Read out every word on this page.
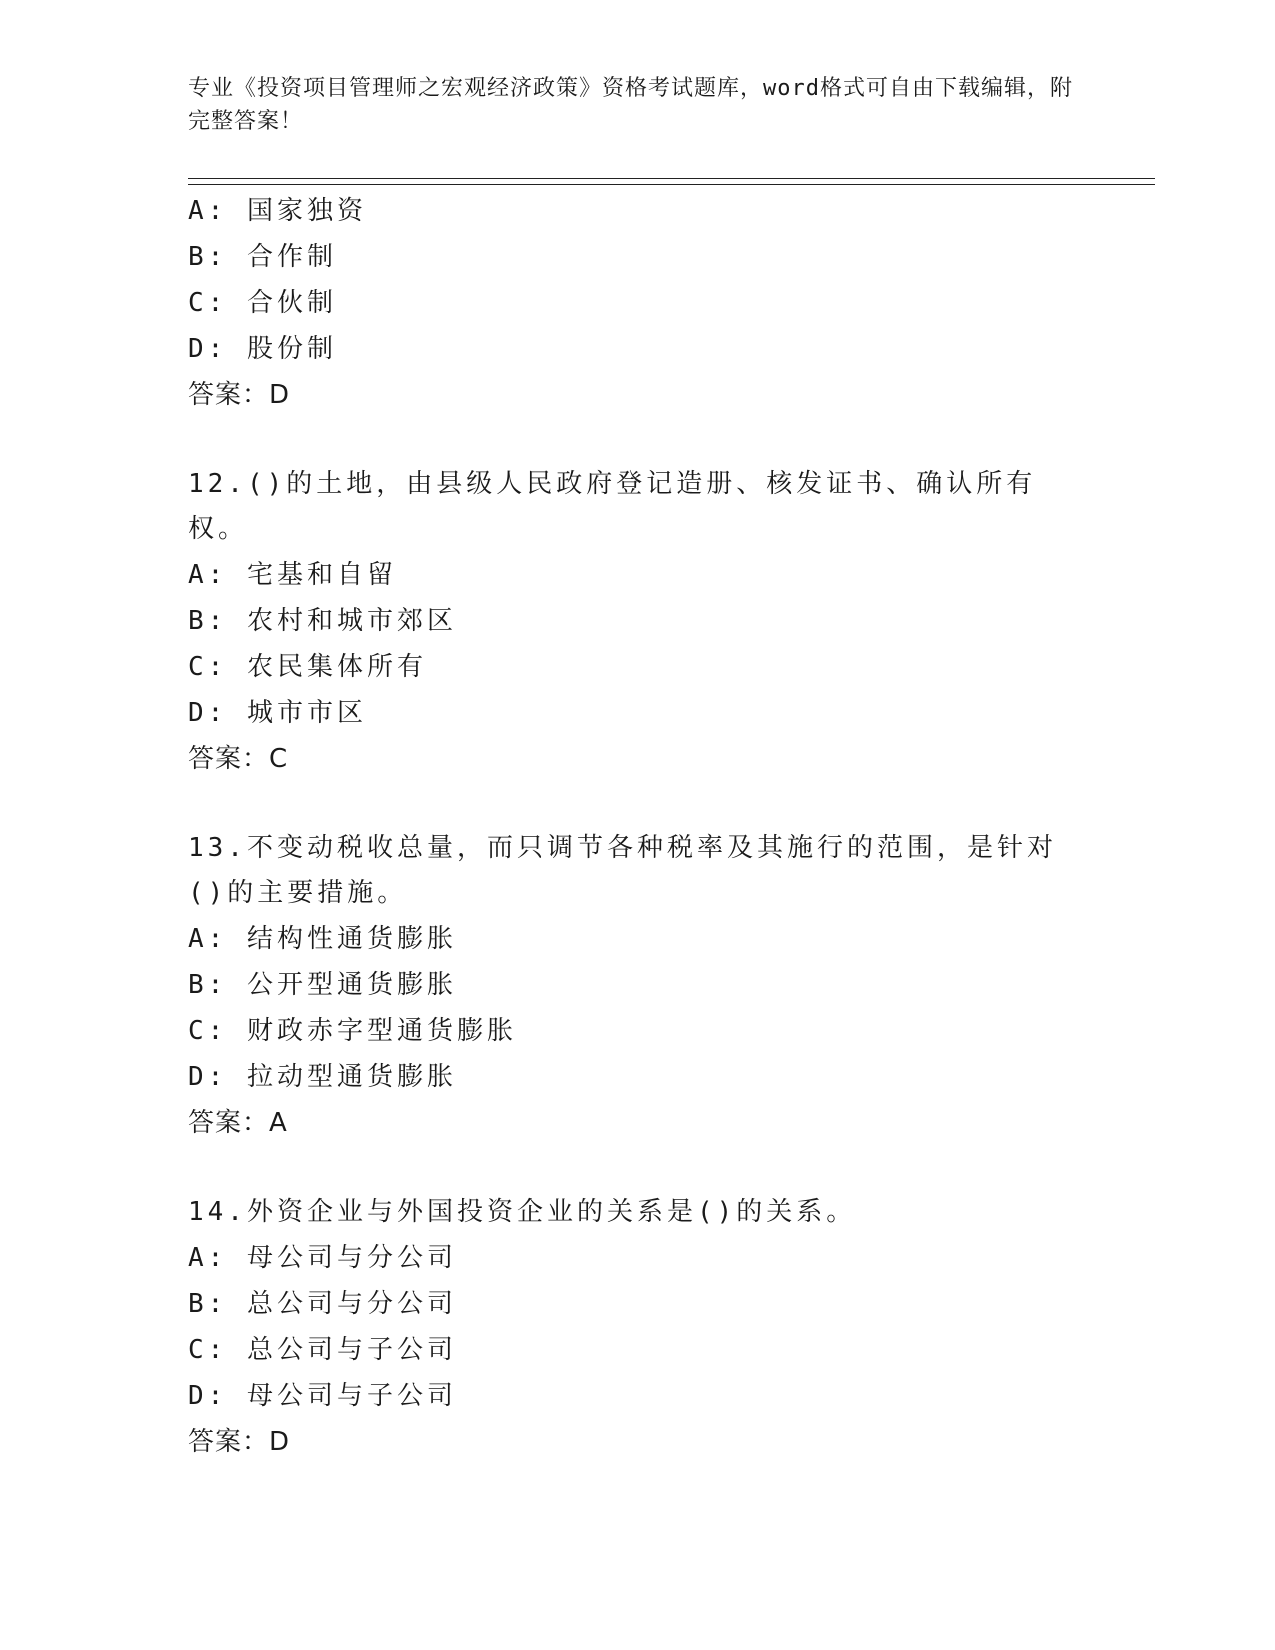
专业《投资项目管理师之宏观经济政策》资格考试题库，word格式可自由下载编辑，附完整答案！
A: 国家独资
B: 合作制
C: 合伙制
D: 股份制
答案：D
12.()的土地，由县级人民政府登记造册、核发证书、确认所有权。
A: 宅基和自留
B: 农村和城市郊区
C: 农民集体所有
D: 城市市区
答案：C
13.不变动税收总量，而只调节各种税率及其施行的范围，是针对()的主要措施。
A: 结构性通货膨胀
B: 公开型通货膨胀
C: 财政赤字型通货膨胀
D: 拉动型通货膨胀
答案：A
14.外资企业与外国投资企业的关系是()的关系。
A: 母公司与分公司
B: 总公司与分公司
C: 总公司与子公司
D: 母公司与子公司
答案：D
